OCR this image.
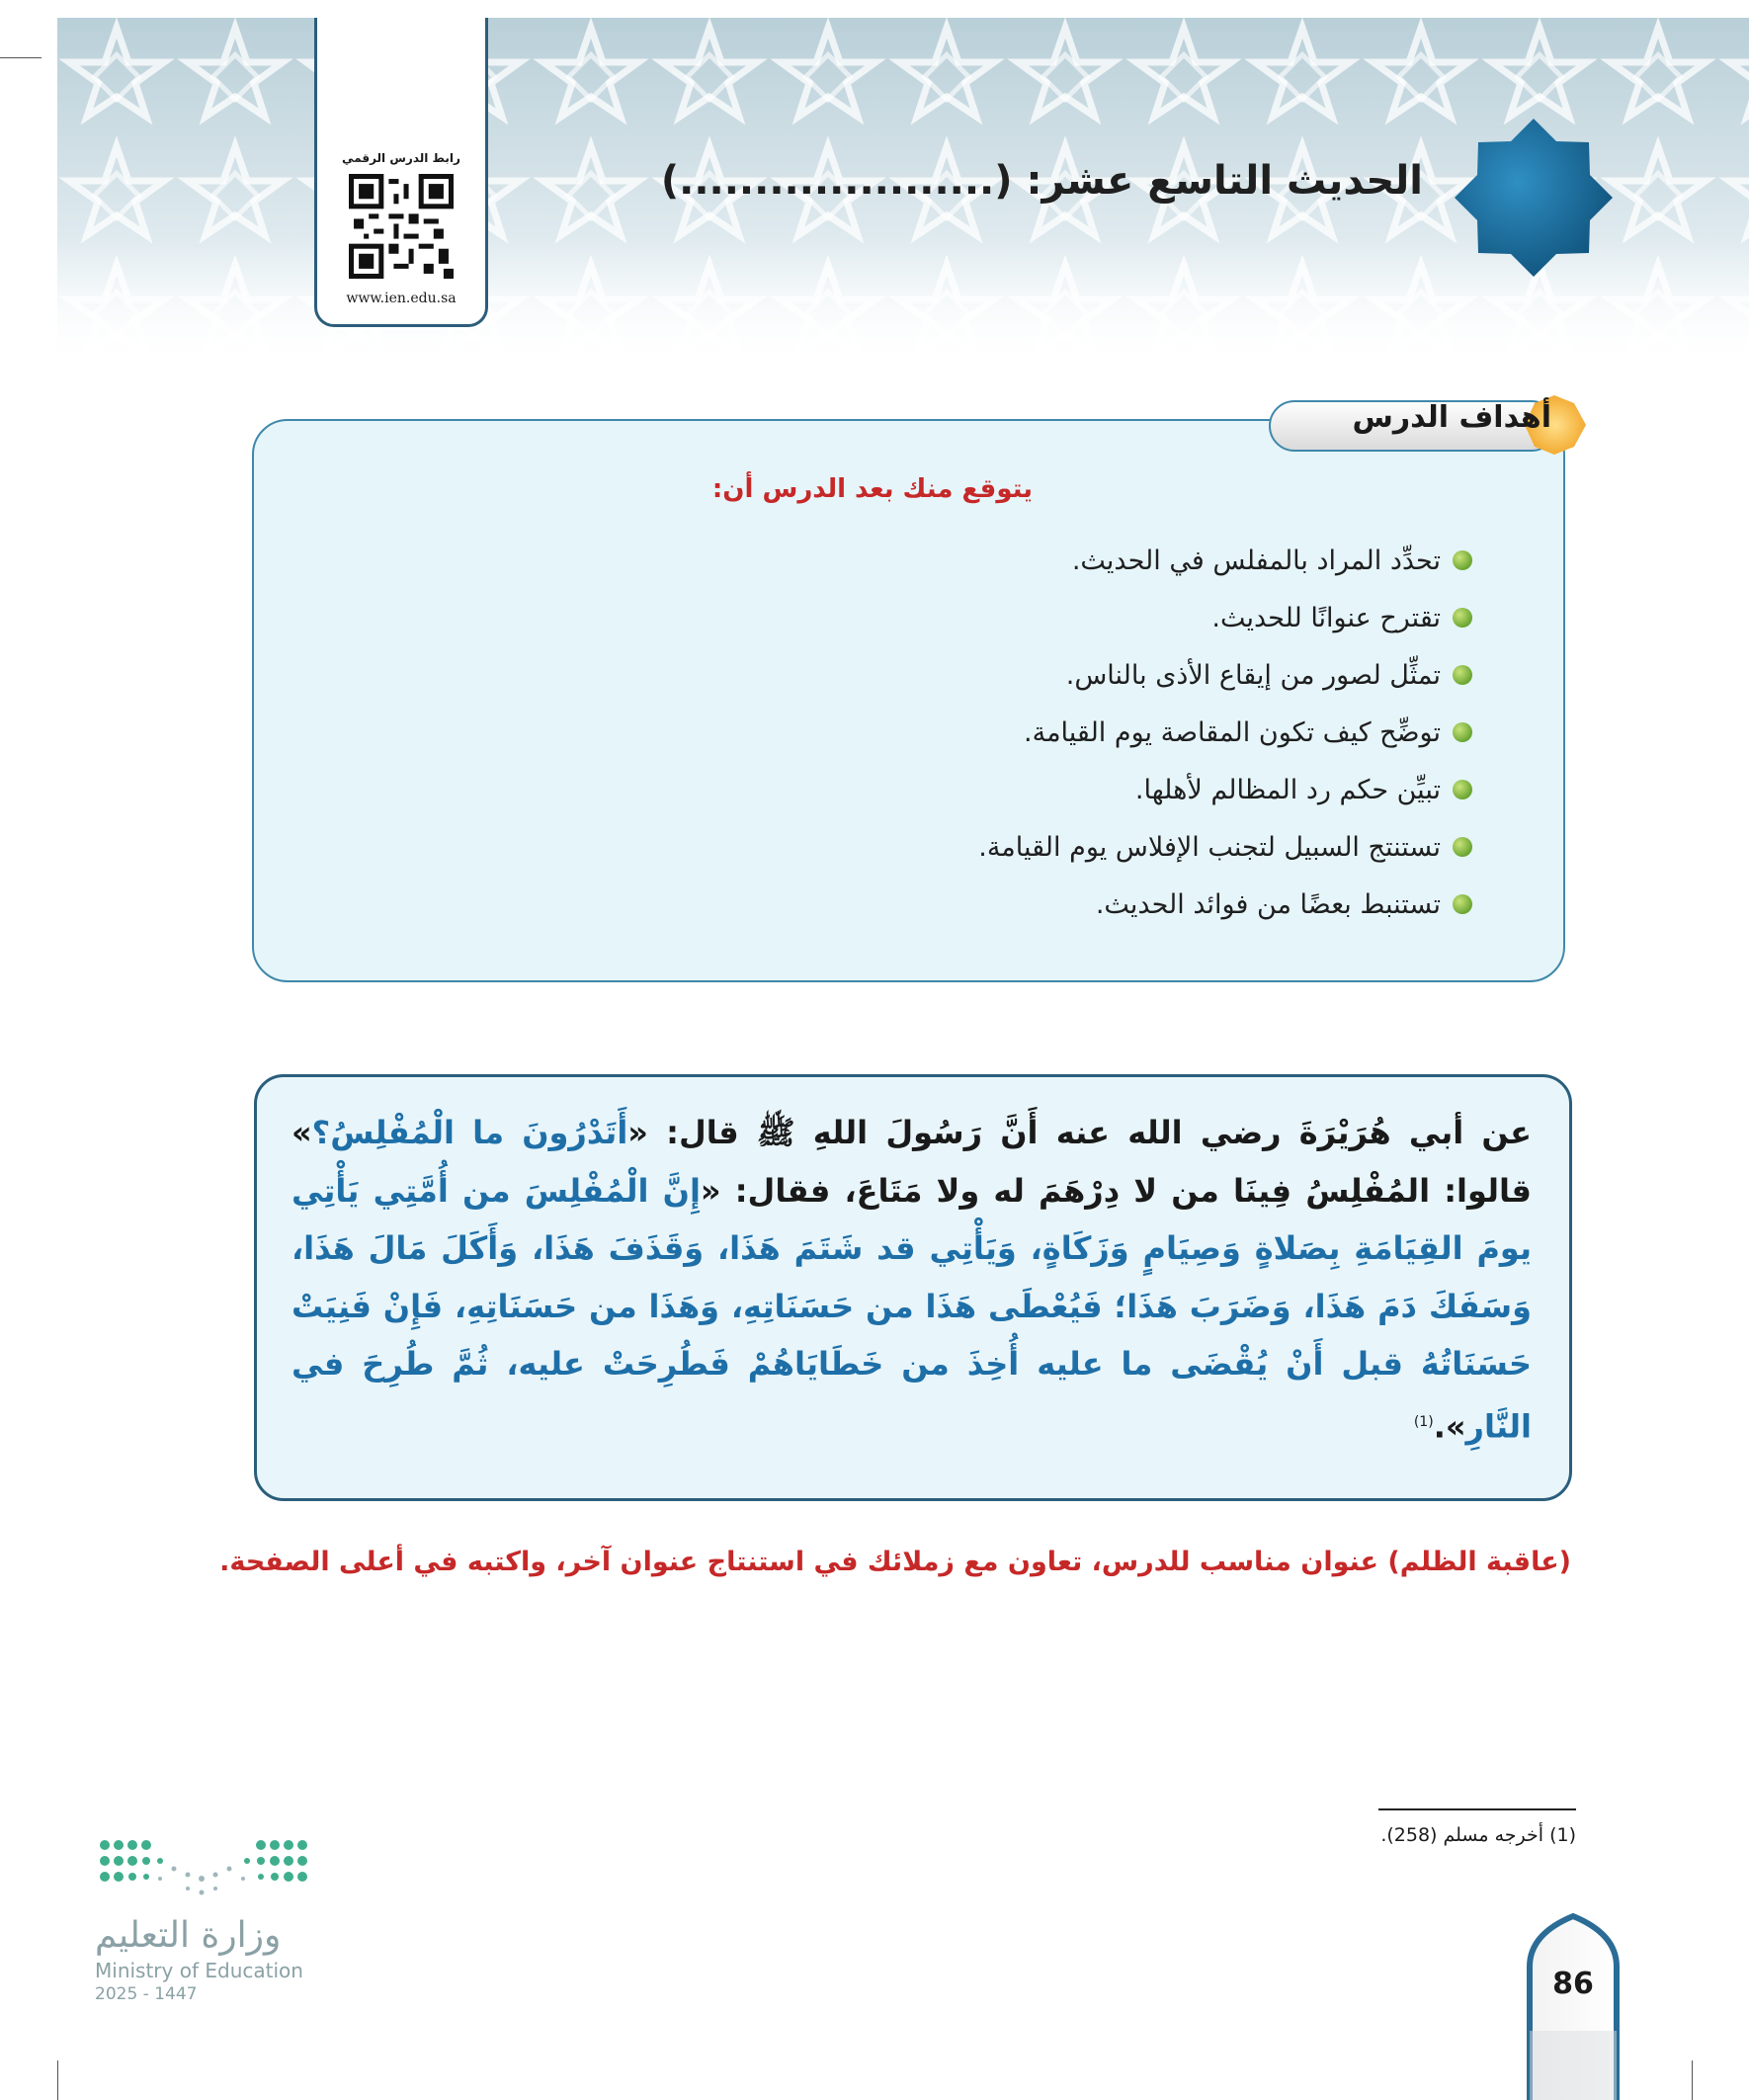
الحديث التاسع عشر: (.....................)
رابط الدرس الرقمي
www.ien.edu.sa
أهداف الدرس
يتوقع منك بعد الدرس أن:
تحدِّد المراد بالمفلس في الحديث.
تقترح عنوانًا للحديث.
تمثِّل لصور من إيقاع الأذى بالناس.
توضِّح كيف تكون المقاصة يوم القيامة.
تبيِّن حكم رد المظالم لأهلها.
تستنتج السبيل لتجنب الإفلاس يوم القيامة.
تستنبط بعضًا من فوائد الحديث.
عن أبي هُرَيْرَةَ رضي الله عنه أَنَّ رَسُولَ اللهِ ﷺ قال: «أَتَدْرُونَ ما الْمُفْلِسُ؟» قالوا: المُفْلِسُ فِينَا من لا دِرْهَمَ له ولا مَتَاعَ، فقال: «إِنَّ الْمُفْلِسَ من أُمَّتِي يَأْتِي يومَ القِيَامَةِ بِصَلاةٍ وَصِيَامٍ وَزَكَاةٍ، وَيَأْتِي قد شَتَمَ هَذَا، وَقَذَفَ هَذَا، وَأَكَلَ مَالَ هَذَا، وَسَفَكَ دَمَ هَذَا، وَضَرَبَ هَذَا؛ فَيُعْطَى هَذَا من حَسَنَاتِهِ، وَهَذَا من حَسَنَاتِهِ، فَإِنْ فَنِيَتْ حَسَنَاتُهُ قبل أَنْ يُقْضَى ما عليه أُخِذَ من خَطَايَاهُمْ فَطُرِحَتْ عليه، ثُمَّ طُرِحَ في النَّارِ».$^{(1)}$
(عاقبة الظلم) عنوان مناسب للدرس، تعاون مع زملائك في استنتاج عنوان آخر، واكتبه في أعلى الصفحة.
(1) أخرجه مسلم (258).
86
وزارة التعليم
Ministry of Education
2025 - 1447
